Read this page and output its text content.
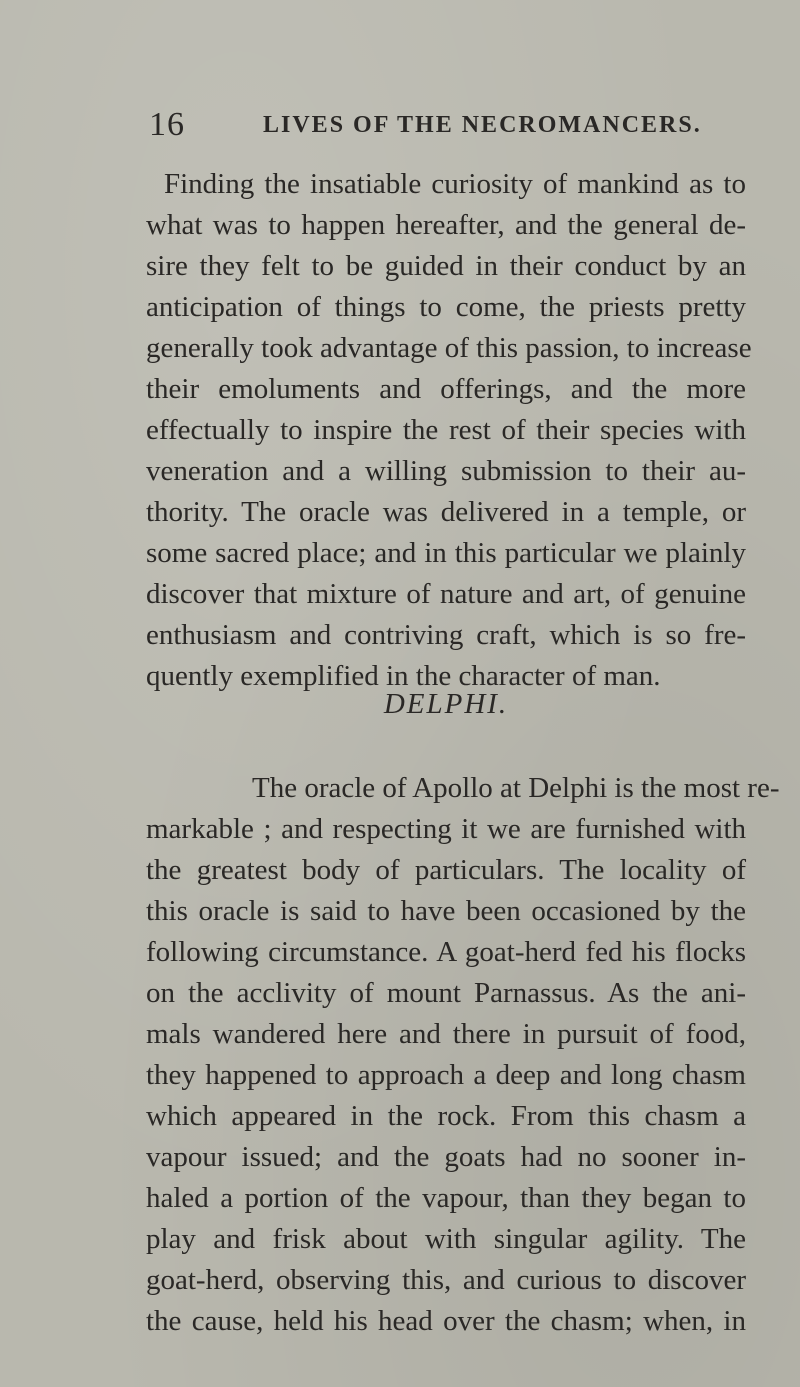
16	LIVES OF THE NECROMANCERS.
Finding the insatiable curiosity of mankind as to
what was to happen hereafter, and the general de-
sire they felt to be guided in their conduct by an
anticipation of things to come, the priests pretty
generally took advantage of this passion, to increase
their emoluments and offerings, and the more
effectually to inspire the rest of their species with
veneration and a willing submission to their au-
thority. The oracle was delivered in a temple, or
some sacred place; and in this particular we plainly
discover that mixture of nature and art, of genuine
enthusiasm and contriving craft, which is so fre-
quently exemplified in the character of man.
DELPHI.
The oracle of Apollo at Delphi is the most re-
markable ; and respecting it we are furnished with
the greatest body of particulars. The locality of
this oracle is said to have been occasioned by the
following circumstance. A goat-herd fed his flocks
on the acclivity of mount Parnassus. As the ani-
mals wandered here and there in pursuit of food,
they happened to approach a deep and long chasm
which appeared in the rock. From this chasm a
vapour issued; and the goats had no sooner in-
haled a portion of the vapour, than they began to
play and frisk about with singular agility. The
goat-herd, observing this, and curious to discover
the cause, held his head over the chasm; when, in
